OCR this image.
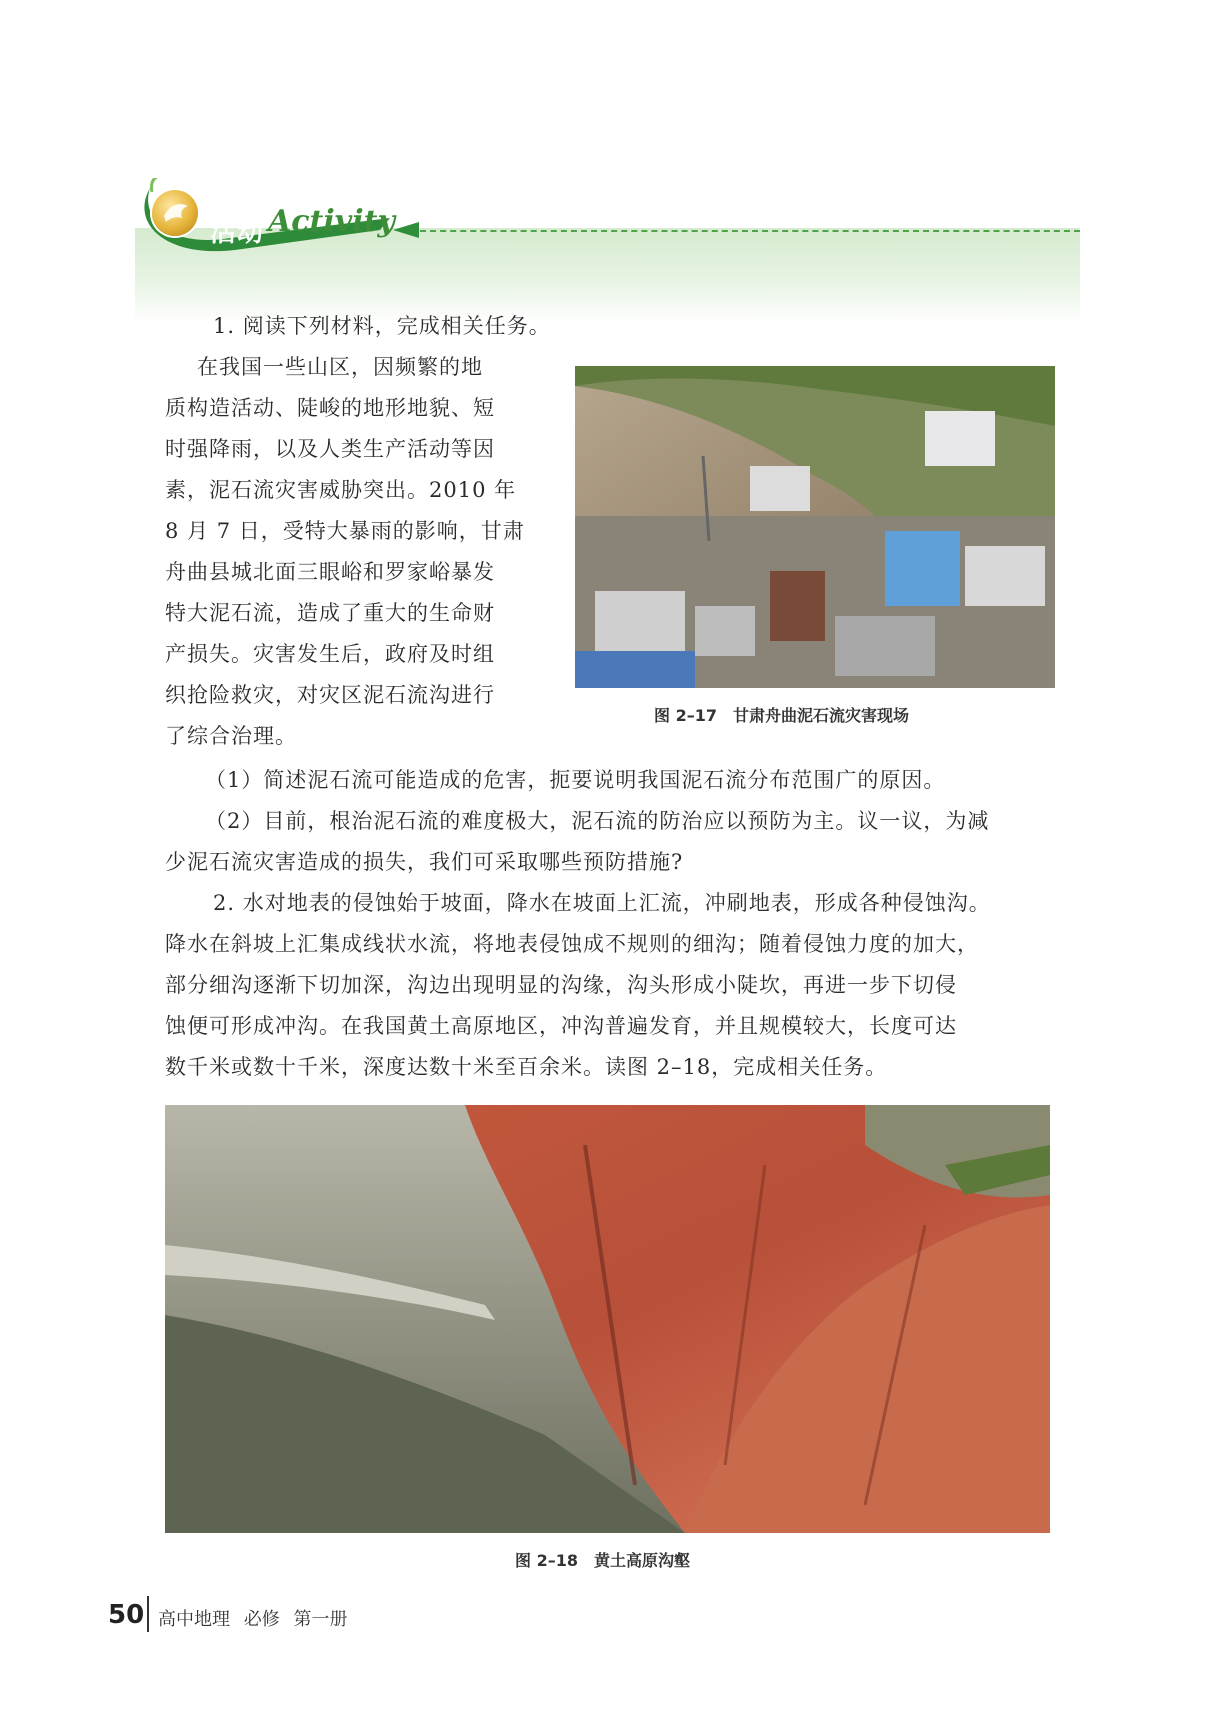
活动 Activity

1. 阅读下列材料，完成相关任务。

在我国一些山区，因频繁的地

质构造活动、陡峻的地形地貌、短

时强降雨，以及人类生产活动等因

素，泥石流灾害威胁突出。2010 年

8 月 7 日，受特大暴雨的影响，甘肃

舟曲县城北面三眼峪和罗家峪暴发

特大泥石流，造成了重大的生命财

产损失。灾害发生后，政府及时组

织抢险救灾，对灾区泥石流沟进行

了综合治理。

图 2–17　甘肃舟曲泥石流灾害现场

（1）简述泥石流可能造成的危害，扼要说明我国泥石流分布范围广的原因。

（2）目前，根治泥石流的难度极大，泥石流的防治应以预防为主。议一议，为减

少泥石流灾害造成的损失，我们可采取哪些预防措施?

2. 水对地表的侵蚀始于坡面，降水在坡面上汇流，冲刷地表，形成各种侵蚀沟。

降水在斜坡上汇集成线状水流，将地表侵蚀成不规则的细沟；随着侵蚀力度的加大，

部分细沟逐渐下切加深，沟边出现明显的沟缘，沟头形成小陡坎，再进一步下切侵

蚀便可形成冲沟。在我国黄土高原地区，冲沟普遍发育，并且规模较大，长度可达

数千米或数十千米，深度达数十米至百余米。读图 2–18，完成相关任务。

图 2–18　黄土高原沟壑
50 高中地理 必修 第一册
